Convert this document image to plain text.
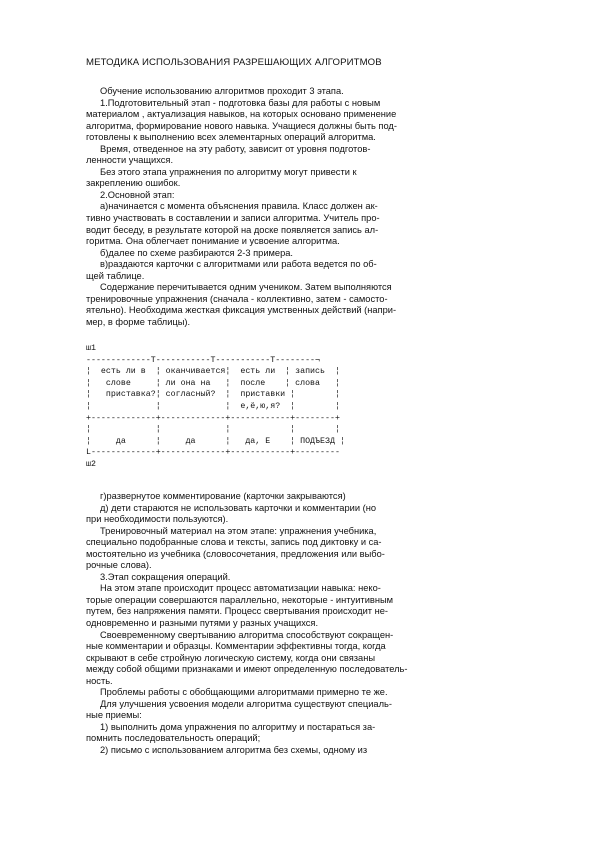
МЕТОДИКА ИСПОЛЬЗОВАНИЯ РАЗРЕШАЮЩИХ АЛГОРИТМОВ
Обучение использованию алгоритмов проходит 3 этапа.
1.Подготовительный этап - подготовка базы для работы с новым
материалом , актуализация навыков, на которых основано применение
алгоритма, формирование нового навыка. Учащиеся должны быть под-
готовлены к выполнению всех элементарных операций алгоритма.
Время, отведенное на эту работу, зависит от уровня подготов-
ленности учащихся.
Без этого этапа упражнения по алгоритму могут привести к
закреплению ошибок.
2.Основной этап:
а)начинается с момента объяснения правила. Класс должен ак-
тивно участвовать в составлении и записи алгоритма. Учитель про-
водит беседу, в результате которой на доске появляется запись ал-
горитма. Она облегчает понимание и усвоение алгоритма.
б)далее по схеме разбираются 2-3 примера.
в)раздаются карточки с алгоритмами или работа ведется по об-
щей таблице.
Содержание перечитывается одним учеником. Затем выполняются
тренировочные упражнения (сначала - коллективно, затем - самосто-
ятельно). Необходима жесткая фиксация умственных действий (напри-
мер, в форме таблицы).
ш1
-------------T-----------T-----------T--------¬
¦  есть ли в  ¦ оканчивается¦  есть ли  ¦ запись  ¦
¦   слове     ¦ ли она на   ¦  после    ¦ слова   ¦
¦   приставка?¦ согласный?  ¦  приставки ¦        ¦
¦             ¦             ¦  е,ё,ю,я?  ¦        ¦
+-------------+-------------+------------+--------+
¦             ¦             ¦            ¦        ¦
¦     да      ¦     да      ¦   да, Е    ¦ ПОДЪЕЗД ¦
L-------------+-------------+------------+---------
ш2
г)развернутое комментирование (карточки закрываются)
д) дети стараются не использовать карточки и комментарии (но
при необходимости пользуются).
Тренировочный материал на этом этапе: упражнения учебника,
специально подобранные слова и тексты, запись под диктовку и са-
мостоятельно из учебника (словосочетания, предложения или выбо-
рочные слова).
3.Этап сокращения операций.
На этом этапе происходит процесс автоматизации навыка: неко-
торые операции совершаются параллельно, некоторые - интуитивным
путем, без напряжения памяти. Процесс свертывания происходит не-
одновременно и разными путями у разных учащихся.
Своевременному свертыванию алгоритма способствуют сокращен-
ные комментарии и образцы. Комментарии эффективны тогда, когда
скрывают в себе стройную логическую систему, когда они связаны
между собой общими признаками и имеют определенную последователь-
ность.
Проблемы работы с обобщающими алгоритмами примерно те же.
Для улучшения усвоения модели алгоритма существуют специаль-
ные приемы:
1) выполнить дома упражнения по алгоритму и постараться за-
помнить последовательность операций;
2) письмо с использованием алгоритма без схемы, одному из
